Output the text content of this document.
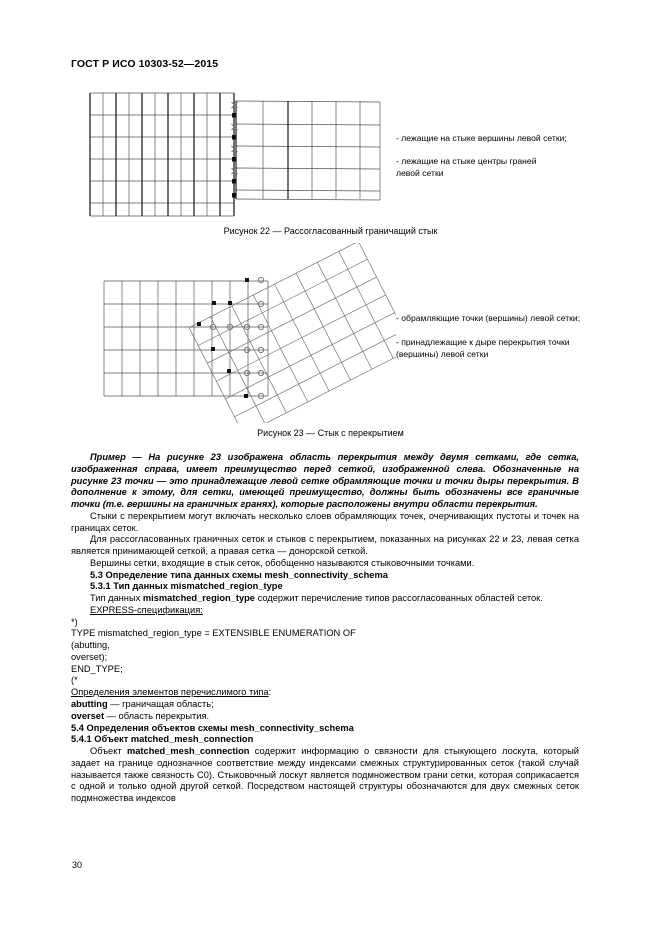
ГОСТ Р ИСО 10303-52—2015
- лежащие на стыке вершины левой сетки;
- лежащие на стыке центры граней
левой сетки
Рисунок 22 — Рассогласованный граничащий стык
- обрамляющие точки (вершины) левой сетки;
- принадлежащие к дыре перекрытия точки
(вершины) левой сетки
Рисунок 23 — Стык с перекрытием

Пример — На рисунке 23 изображена область перекрытия между двумя сетками, где сетка, изображенная справа, имеет преимущество перед сеткой, изображенной слева. Обозначенные на рисунке 23 точки — это принадлежащие левой сетке обрамляющие точки и точки дыры перекрытия. В дополнение к этому, для сетки, имеющей преимущество, должны быть обозначены все граничные точки (т.е. вершины на граничных гранях), которые расположены внутри области перекрытия.

Стыки с перекрытием могут включать несколько слоев обрамляющих точек, очерчивающих пустоты и точек на границах сеток.

Для рассогласованных граничных сеток и стыков с перекрытием, показанных на рисунках 22 и 23, левая сетка является принимающей сеткой, а правая сетка — донорской сеткой.

Вершины сетки, входящие в стык сеток, обобщенно называются стыковочными точками.

5.3 Определение типа данных схемы mesh_connectivity_schema

5.3.1 Тип данных mismatched_region_type

Тип данных mismatched_region_type содержит перечисление типов рассогласованных областей сеток.

EXPRESS-спецификация:

*)

TYPE mismatched_region_type = EXTENSIBLE ENUMERATION OF

(abutting,

overset);

END_TYPE;

(*

Определения элементов перечислимого типа:

abutting — граничащая область;

overset — область перекрытия.

5.4 Определения объектов схемы mesh_connectivity_schema

5.4.1 Объект matched_mesh_connection

Объект matched_mesh_connection содержит информацию о связности для стыкующего лоскута, который задает на границе однозначное соответствие между индексами смежных структурированных сеток (такой случай называется также связность C0). Стыковочный лоскут является подмножеством грани сетки, которая соприкасается с одной и только одной другой сеткой. Посредством настоящей структуры обозначаются для двух смежных сеток подмножества индексов

30
